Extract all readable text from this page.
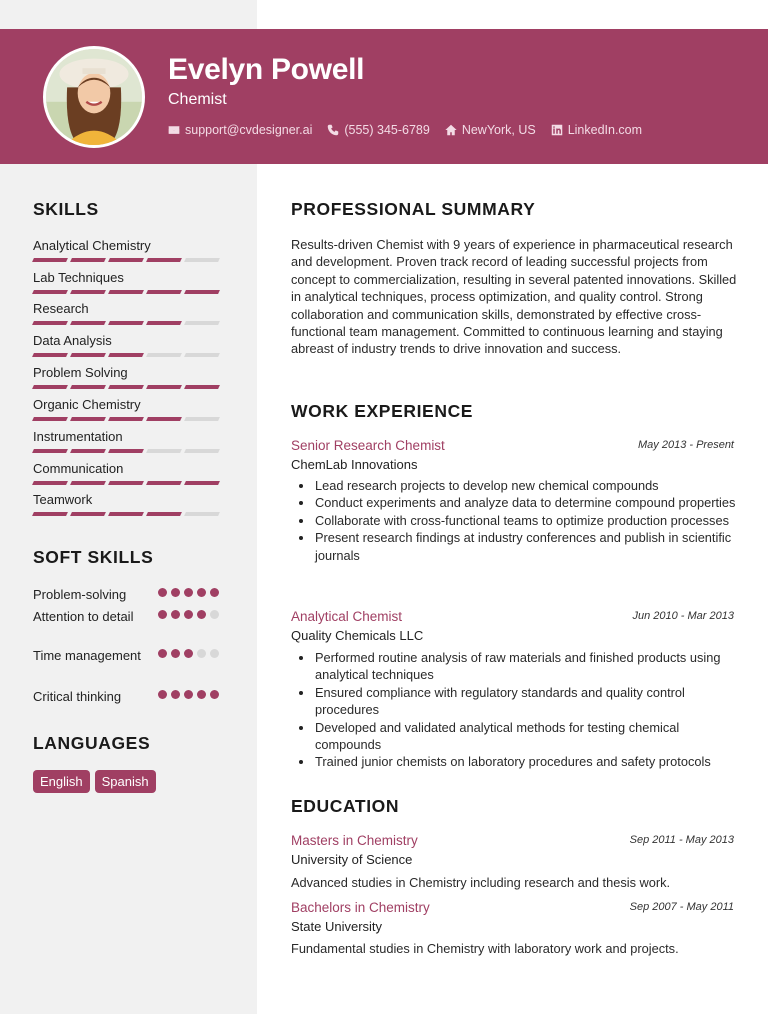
Evelyn Powell
Chemist
support@cvdesigner.ai	(555) 345-6789	NewYork, US	LinkedIn.com
SKILLS
Analytical Chemistry
Lab Techniques
Research
Data Analysis
Problem Solving
Organic Chemistry
Instrumentation
Communication
Teamwork
SOFT SKILLS
Problem-solving
Attention to detail
Time management
Critical thinking
LANGUAGES
English	Spanish
PROFESSIONAL SUMMARY

Results-driven Chemist with 9 years of experience in pharmaceutical research and development. Proven track record of leading successful projects from concept to commercialization, resulting in several patented innovations. Skilled in analytical techniques, process optimization, and quality control. Strong collaboration and communication skills, demonstrated by effective cross-functional team management. Committed to continuous learning and staying abreast of industry trends to drive innovation and success.

WORK EXPERIENCE
Senior Research Chemist	May 2013 - Present
ChemLab Innovations
Lead research projects to develop new chemical compounds
Conduct experiments and analyze data to determine compound properties
Collaborate with cross-functional teams to optimize production processes
Present research findings at industry conferences and publish in scientific journals
Analytical Chemist	Jun 2010 - Mar 2013
Quality Chemicals LLC
Performed routine analysis of raw materials and finished products using analytical techniques
Ensured compliance with regulatory standards and quality control procedures
Developed and validated analytical methods for testing chemical compounds
Trained junior chemists on laboratory procedures and safety protocols
EDUCATION
Masters in Chemistry	Sep 2011 - May 2013
University of Science
Advanced studies in Chemistry including research and thesis work.
Bachelors in Chemistry	Sep 2007 - May 2011
State University
Fundamental studies in Chemistry with laboratory work and projects.
